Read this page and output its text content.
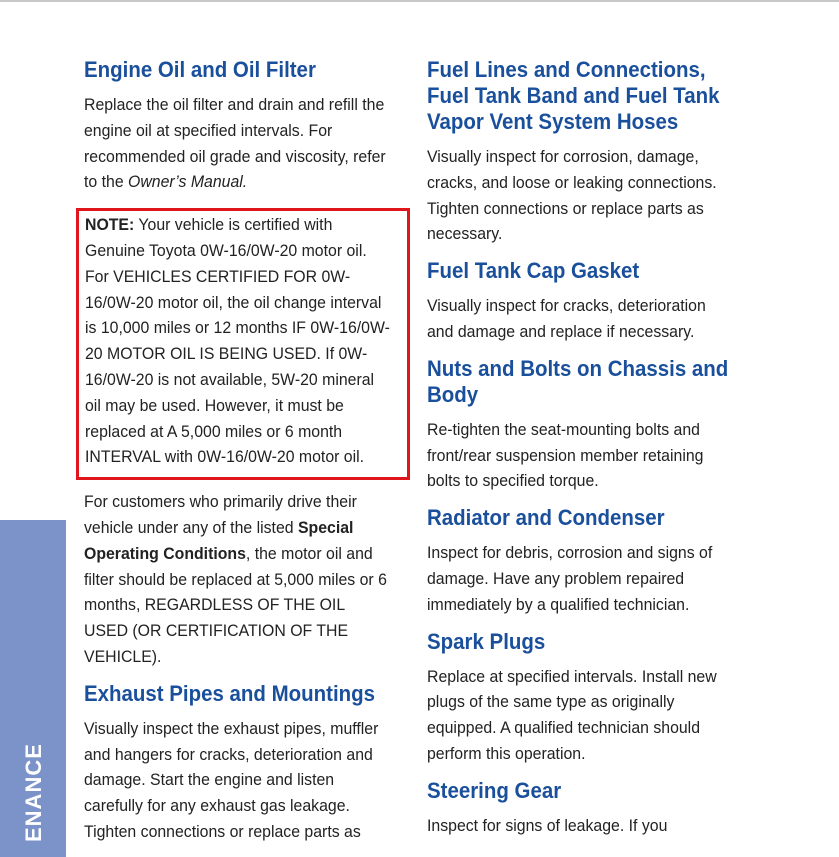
ENANCE
Engine Oil and Oil Filter

Replace the oil filter and drain and refill the engine oil at specified intervals. For recommended oil grade and viscosity, refer to the Owner’s Manual.

NOTE: Your vehicle is certified with Genuine Toyota 0W-16/0W-20 motor oil. For VEHICLES CERTIFIED FOR 0W-16/0W-20 motor oil, the oil change interval is 10,000 miles or 12 months IF 0W-16/0W-20 MOTOR OIL IS BEING USED. If 0W-16/0W-20 is not available, 5W-20 mineral oil may be used. However, it must be replaced at A 5,000 miles or 6 month INTERVAL with 0W-16/0W-20 motor oil.

For customers who primarily drive their vehicle under any of the listed Special Operating Conditions, the motor oil and filter should be replaced at 5,000 miles or 6 months, REGARDLESS OF THE OIL USED (OR CERTIFICATION OF THE VEHICLE).

Exhaust Pipes and Mountings

Visually inspect the exhaust pipes, muffler and hangers for cracks, deterioration and damage. Start the engine and listen carefully for any exhaust gas leakage. Tighten connections or replace parts as

Fuel Lines and Connections,
Fuel Tank Band and Fuel Tank
Vapor Vent System Hoses

Visually inspect for corrosion, damage, cracks, and loose or leaking connections. Tighten connections or replace parts as necessary.

Fuel Tank Cap Gasket

Visually inspect for cracks, deterioration and damage and replace if necessary.

Nuts and Bolts on Chassis and
Body

Re-tighten the seat-mounting bolts and front/rear suspension member retaining bolts to specified torque.

Radiator and Condenser

Inspect for debris, corrosion and signs of damage. Have any problem repaired immediately by a qualified technician.

Spark Plugs

Replace at specified intervals. Install new plugs of the same type as originally equipped. A qualified technician should perform this operation.

Steering Gear

Inspect for signs of leakage. If you
